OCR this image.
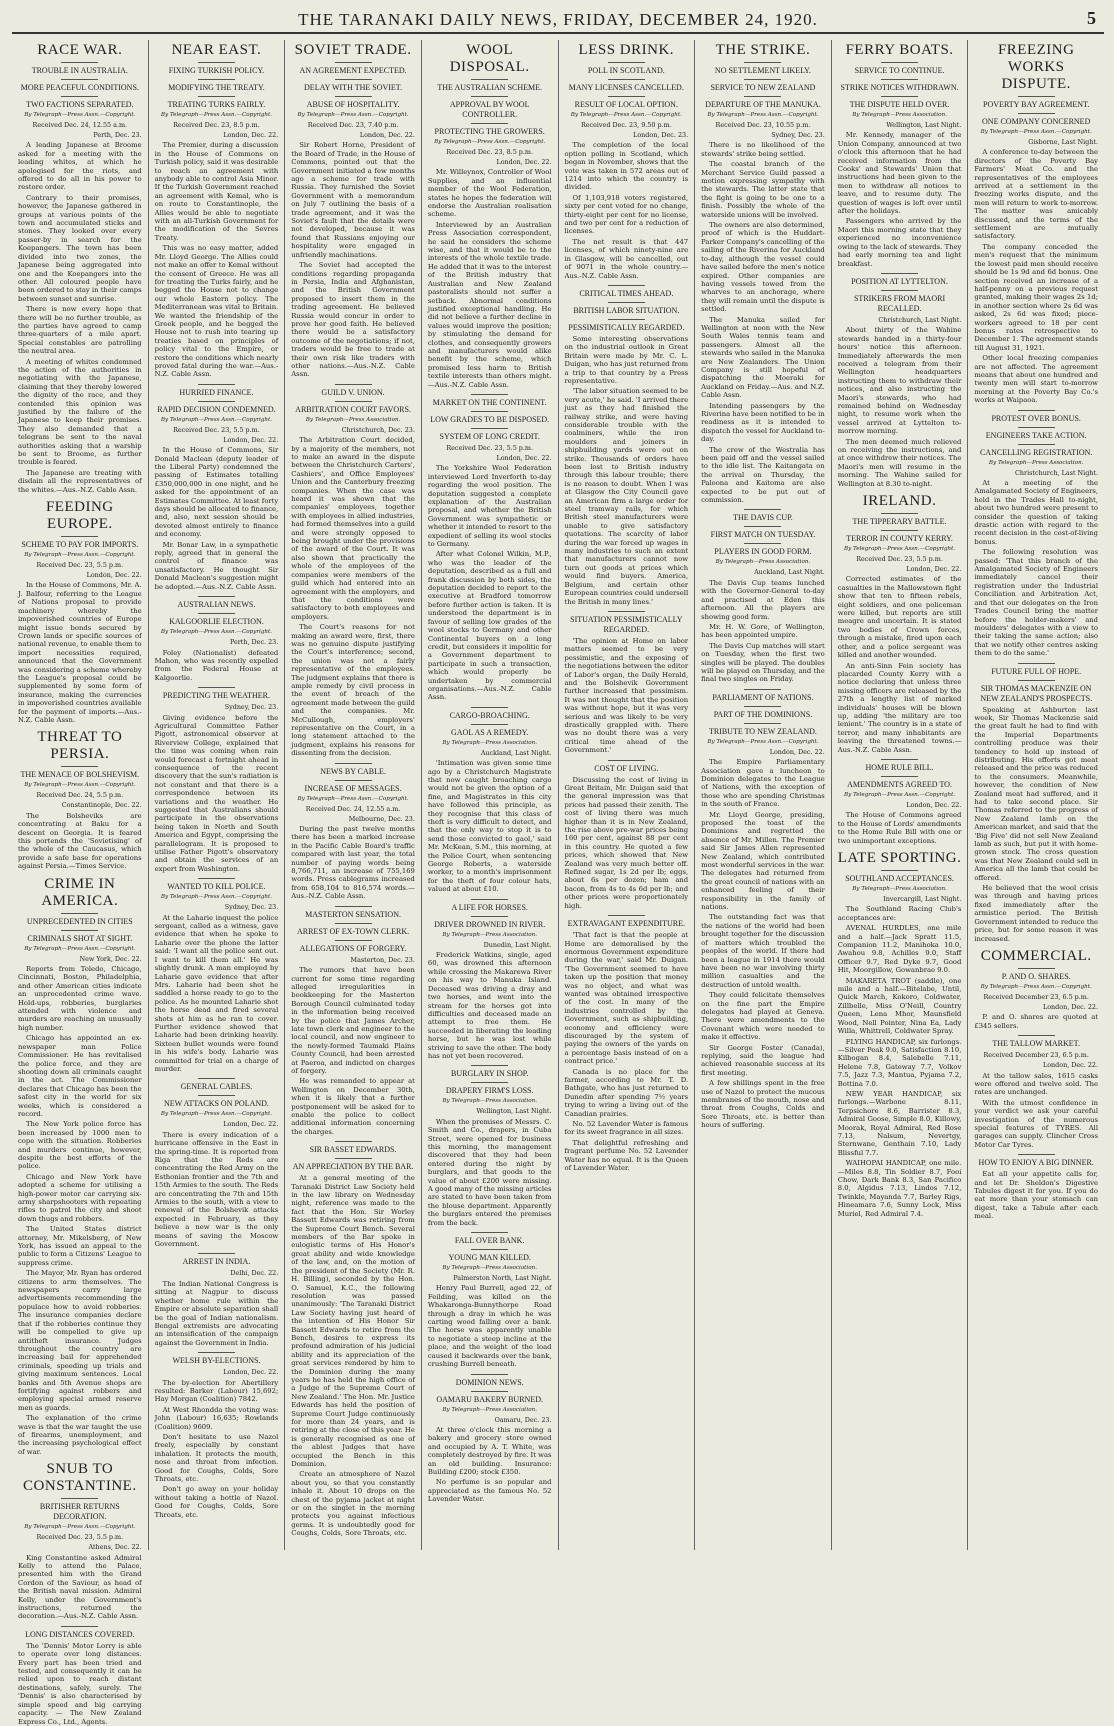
THE TARANAKI DAILY NEWS, FRIDAY, DECEMBER 24, 1920.	5
RACE WAR.
TROUBLE IN AUSTRALIA.
MORE PEACEFUL CONDITIONS.
TWO FACTIONS SEPARATED.
By Telegraph—Press Assn.—Copyright.
Received Dec. 24, 12.55 a.m.
Perth, Dec. 23.

A leading Japanese at Broome asked for a meeting with the leading whites, at which he apologised for the riots, and offered to do all in his power to restore order.

Contrary to their promises, however, the Japanese gathered in groups at various points of the town and accumulated sticks and stones. They looked over every passer-by in search for the Koepangers. The town has been divided into two zones, the Japanese being aggregated into one and the Koepangers into the other. All coloured people have been ordered to stay in their camps between sunset and sunrise.

There is now every hope that there will be no further trouble, as the parties have agreed to camp three-quarters of a mile apart. Special constables are patrolling the neutral area.

A meeting of whites condemned the action of the authorities in negotiating with the Japanese, claiming that they thereby lowered the dignity of the race, and they contended this opinion was justified by the failure of the Japanese to keep their promises. They also demanded that a telegram be sent to the naval authorities asking that a warship be sent to Broome, as further trouble is feared.

The Japanese are treating with disdain all the representatives of the whites.—Aus.-N.Z. Cable Assn.

FEEDING EUROPE.
SCHEME TO PAY FOR IMPORTS.
By Telegraph—Press Assn.—Copyright.
Received Dec. 23, 5.5 p.m.
London, Dec. 22.

In the House of Commons, Mr. A. J. Balfour, referring to the League of Nations proposal to provide machinery whereby the impoverished countries of Europe might issue bonds secured by Crown lands or specific sources of national revenue, to enable them to import necessities required, announced that the Government was considering a scheme whereby the League's proposal could be supplemented by some form of insurance, making the currencies in impoverished countries available for the payment of imports.—Aus.-N.Z. Cable Assn.

THREAT TO PERSIA.
THE MENACE OF BOLSHEVISM.
By Telegraph—Press Assn.—Copyright.
Received Dec. 24, 5.5 p.m.
Constantinople, Dec. 22.

The Bolsheviks are concentrating at Baku for a descent on Georgia. It is feared this portends the 'Sovietising' of the whole of the Caucasus, which provide a safe base for operations against Persia.—Times Service.

CRIME IN AMERICA.
UNPRECEDENTED IN CITIES
CRIMINALS SHOT AT SIGHT.
By Telegraph—Press Assn.—Copyright.
New York, Dec. 22.

Reports from Toledo, Chicago, Cincinnati, Boston, Philadelphia, and other American cities indicate an unprecedented crime wave. Hold-ups, robberies, burglaries attended with violence and murders are reaching an unusually high number.

Chicago has appointed an ex-newspaper man Police Commissioner. He has revitalised the police force, and they are shooting down all criminals caught in the act. The Commissioner declares that Chicago has been the safest city in the world for six weeks, which is considered a record.

The New York police force has been increased by 1000 men to cope with the situation. Robberies and murders continue, however, despite the best efforts of the police.

Chicago and New York have adopted a scheme for utilising a high-power motor car carrying six-army sharpshooters with repeating rifles to patrol the city and shoot down thugs and robbers.

The United States district attorney, Mr. Mikelsberg, of New York, has issued an appeal to the public to form a Citizens' League to suppress crime.

The Mayor, Mr. Ryan has ordered citizens to arm themselves. The newspapers carry large advertisements recommending the populace how to avoid robberies. The insurance companies declare that if the robberies continue they will be compelled to give up antitheft insurance. Judges throughout the country are increasing bail for apprehended criminals, speeding up trials and giving maximum sentences. Local banks and 5th Avenue shops are fortifying against robbers and employing special armed reserve men as guards.

The explanation of the crime wave is that the war taught the use of firearms, unemployment, and the increasing psychological effect of war.

SNUB TO CONSTANTINE.
BRITISHER RETURNS DECORATION.
By Telegraph—Press Assn.—Copyright.
Received Dec. 23, 5.5 p.m.
Athens, Dec. 22.

King Constantine asked Admiral Kelly to attend the Palace, presented him with the Grand Cordon of the Saviour, as head of the British naval mission. Admiral Kelly, under the Government's instructions, returned the decoration.—Aus.-N.Z. Cable Assn.

LONG DISTANCES COVERED.

The 'Dennis' Motor Lorry is able to operate over long distances. Every part has been tried and tested, and consequently it can be relied upon to reach distant destinations, safely, surely. The 'Dennis' is also characterised by simple speed and big carrying capacity. — The New Zealand Express Co., Ltd., Agents.

NEAR EAST.
FIXING TURKISH POLICY.
MODIFYING THE TREATY.
TREATING TURKS FAIRLY.
By Telegraph—Press Assn.—Copyright.
Received Dec. 23, 8.5 p.m.
London, Dec. 22.

The Premier, during a discussion in the House of Commons on Turkish policy, said it was desirable to reach an agreement with anybody able to control Asia Minor. If the Turkish Government reached an agreement with Kemal, who is on route to Constantinople, the Allies would be able to negotiate with an all-Turkish Government for the modification of the Sevres Treaty.

This was no easy matter, added Mr. Lloyd George. The Allies could not make an offer to Kemal without the consent of Greece. He was all for treating the Turks fairly, and he begged the House not to change our whole Eastern policy. The Mediterranean was vital to Britain. We wanted the friendship of the Greek people, and he begged the House not to rush into tearing up treaties based on principles of policy vital to the Empire, or restore the conditions which nearly proved fatal during the war.—Aus.-N.Z. Cable Assn.

HURRIED FINANCE.
RAPID DECISION CONDEMNED.
By Telegraph—Press Assn.—Copyright.
Received Dec. 23, 5.5 p.m.
London, Dec. 22.

In the House of Commons, Sir Donald Maclean (deputy leader of the Liberal Party) condemned the passing of Estimates totalling £350,000,000 in one night, and he asked for the appointment of an Estimates Committee. At least forty days should be allocated to finance, and, also, next session should be devoted almost entirely to finance and economy.

Mr. Bonar Law, in a sympathetic reply, agreed that in general the control of finance was unsatisfactory. He thought Sir Donald Maclean's suggestion might be adopted.—Aus.-N.Z. Cable Assn.

AUSTRALIAN NEWS.
KALGOORLIE ELECTION.
By Telegraph—Press Assn.—Copyright.
Perth, Dec. 23.

Foley (Nationalist) defeated Mahon, who was recently expelled from the Federal House at Kalgoorlie.

PREDICTING THE WEATHER.
Sydney, Dec. 23.

Giving evidence before the Agricultural Committee Father Pigott, astronomical observer at Riverview College, explained that the time was coming when rain would forecast a fortnight ahead in consequence of the recent discovery that the sun's radiation is not constant and that there is a correspondence between its variations and the weather. He suggested that Australians should participate in the observations being taken in North and South America and Egypt, comprising the parallelogram. It is proposed to utilise Father Pigott's observatory and obtain the services of an expert from Washington.

WANTED TO KILL POLICE.
By Telegraph—Press Assn.—Copyright.
Sydney, Dec. 23.

At the Laharie inquest the police sergeant, called as a witness, gave evidence that when he spoke to Laharie over the phone the latter said: 'I want all the police sent out. I want to kill them all.' He was slightly drunk. A man employed by Laharie gave evidence that after Mrs. Laharie had been shot he saddled a horse ready to go to the police. As he mounted Laharie shot the horse dead and fired several shots at him as he ran to cover. Further evidence showed that Laharie had been drinking heavily. Sixteen bullet wounds were found in his wife's body. Laharie was committed for trial on a charge of murder.

GENERAL CABLES.
NEW ATTACKS ON POLAND.
By Telegraph—Press Assn.—Copyright.
London, Dec. 22.

There is every indication of a hurricane offensive in the East in the spring-time. It is reported from Riga that the Reds are concentrating the Red Army on the Esthonian frontier and the 7th and 15th Armies to the south. The Reds are concentrating the 7th and 15th Armies to the south, with a view to renewal of the Bolshevik attacks expected in February, as they believe a new war is the only means of saving the Moscow Government.

ARREST IN INDIA.
Delhi, Dec. 22.

The Indian National Congress is sitting at Nagpur to discuss whether home rule within the Empire or absolute separation shall be the goal of Indian nationalism. Bengal extremists are advocating an intensification of the campaign against the Government in India.

WELSH BY-ELECTIONS.
London, Dec. 22.

The by-election for Abertillery resulted: Barker (Labour) 15,692; Hay Morgan (Coalition) 7842.

At West Rhondda the voting was: John (Labour) 16,635; Rowlands (Coalition) 9609.

Don't hesitate to use Nazol freely, especially by constant inhalation. It protects the mouth, nose and throat from infection. Good for Coughs, Colds, Sore Throats, etc.

Don't go away on your holiday without taking a bottle of Nazol. Good for Coughs, Colds, Sore Throats, etc.

SOVIET TRADE.
AN AGREEMENT EXPECTED.
DELAY WITH THE SOVIET.
ABUSE OF HOSPITALITY.
By Telegraph—Press Assn.—Copyright.
Received Dec. 23, 7.40 p.m.
London, Dec. 22.

Sir Robert Horne, President of the Board of Trade, in the House of Commons, pointed out that the Government initiated a few months ago a scheme for trade with Russia. They furnished the Soviet Government with a memorandum on July 7 outlining the basis of a trade agreement, and it was the Soviet's fault that the details were not developed, because it was found that Russians enjoying our hospitality were engaged in unfriendly machinations.

The Soviet had accepted the conditions regarding propaganda in Persia, India and Afghanistan, and the British Government proposed to insert them in the trading agreement. He believed Russia would concur in order to prove her good faith. He believed there would be a satisfactory outcome of the negotiations; if not, traders would be free to trade at their own risk like traders with other nations.—Aus.-N.Z. Cable Assn.

GUILD V. UNION.
ARBITRATION COURT FAVORS.
By Telegraph—Press Association.
Christchurch, Dec. 23.

The Arbitration Court decided, by a majority of the members, not to make an award in the dispute between the Christchurch Carters', Cashiers', and Office Employees' Union and the Canterbury freezing companies. When the case was heard it was shown that the companies' employees, together with employees in allied industries, had formed themselves into a guild and were strongly opposed to being brought under the provisions of the award of the Court. It was also shown that practically the whole of the employees of the companies were members of the guild which had entered into an agreement with the employers, and that the conditions were satisfactory to both employees and employers.

The Court's reasons for not making an award were, first, there was no genuine dispute justifying the Court's interference; second, the union was not a fairly representative of the employees. The judgment explains that there is ample remedy by civil process in the event of breach of the agreement made between the guild and the companies. Mr. McCullough, employers' representative on the Court, in a long statement attached to the judgment, explains his reasons for dissenting from the decision.

NEWS BY CABLE.
INCREASE OF MESSAGES.
By Telegraph—Press Assn.—Copyright.
Received Dec. 24, 12.55 a.m.
Melbourne, Dec. 23.

During the past twelve months there has been a marked increase in the Pacific Cable Board's traffic compared with last year, the total number of paying words being 8,766,711, an increase of 755,169 words. Press cablegrams increased from 658,104 to 816,574 words.—Aus.-N.Z. Cable Assn.

MASTERTON SENSATION.
ARREST OF EX-TOWN CLERK.
ALLEGATIONS OF FORGERY.
Masterton, Dec. 23.

The rumors that have been current for some time regarding alleged irregularities in bookkeeping for the Masterton Borough Council culminated today in the information being received by the police that James Archer, late town clerk and engineer to the local council, and now engineer to the newly-formed Taumaki Plains County Council, had been arrested at Paeroa, and indicted on charges of forgery.

He was remanded to appear at Wellington on December 30th, when it is likely that a further postponement will be asked for to enable the police to collect additional information concerning the charges.

SIR BASSET EDWARDS.
AN APPRECIATION BY THE BAR.

At a general meeting of the Taranaki District Law Society held in the law library on Wednesday night, reference was made to the fact that the Hon. Sir Worley Bassett Edwards was retiring from the Supreme Court Bench. Several members of the Bar spoke in eulogistic terms of His Honor's great ability and wide knowledge of the law, and, on the motion of the president of the Society (Mr. R. H. Billing), seconded by the Hon. O. Samuel, K.C., the following resolution was passed unanimously: 'The Taranaki District Law Society having just heard of the intention of His Honor Sir Bassett Edwards to retire from the Bench, desires to express its profound admiration of his judicial ability and its appreciation of the great services rendered by him to the Dominion during the many years he has held the high office of a Judge of the Supreme Court of New Zealand.' The Hon. Mr. Justice Edwards has held the position of Supreme Court Judge continuously for more than 24 years, and is retiring at the close of this year. He is generally recognised as one of the ablest Judges that have occupied the Bench in this Dominion.

Create an atmosphere of Nazol about you, so that you constantly inhale it. About 10 drops on the chest of the pyjama jacket at night or on the singlet in the morning protects you against infectious germs. It is undoubtedly good for Coughs, Colds, Sore Throats, etc.

WOOL DISPOSAL.
THE AUSTRALIAN SCHEME.
APPROVAL BY WOOL CONTROLLER.
PROTECTING THE GROWERS.
By Telegraph—Press Assn.—Copyright.
Received Dec. 23, 8.5 p.m.
London, Dec. 22.

Mr. Willeynox, Controller of Wool Supplies, and an influential member of the Wool Federation, states he hopes the federation will endorse the Australian realisation scheme.

Interviewed by an Australian Press Association correspondent, he said he considers the scheme wise, and that it would be to the interests of the whole textile trade. He added that it was to the interest of the British industry that Australian and New Zealand pastoralists should not suffer a setback. Abnormal conditions justified exceptional handling. He did not believe a further decline in values would improve the position; by stimulating the demand for clothes, and consequently growers and manufacturers would alike benefit by the scheme, which promised less harm to British textile interests than others might.—Aus.-N.Z. Cable Assn.

MARKET ON THE CONTINENT.
LOW GRADES TO BE DISPOSED.
SYSTEM OF LONG CREDIT.
Received Dec. 23, 5.5 p.m.
London, Dec. 22.

The Yorkshire Wool Federation interviewed Lord Inverforth to-day regarding the wool position. The deputation suggested a complete explanation of the Australian proposal, and whether the British Government was sympathetic or whether it intended to resort to the expedient of selling its wool stocks to Germany.

After what Colonel Wilkin, M.P., who was the leader of the deputation, described as a full and frank discussion by both sides, the deputation decided to report to the executive at Bradford tomorrow before further action is taken. It is understood the department is in favour of selling low grades of the wool stocks to Germany and other Continental buyers on a long credit, but considers it impolitic for a Government department to participate in such a transaction, which would properly be undertaken by commercial organisations.—Aus.-N.Z. Cable Assn.

CARGO-BROACHING.
GAOL AS A REMEDY.
By Telegraph—Press Association.
Auckland, Last Night.

'Intimation was given some time ago by a Christchurch Magistrate that now caught broaching cargo would not be given the option of a fine, and Magistrates in this city have followed this principle, as they recognise that this class of theft is very difficult to detect, and that the only way to stop it is to send those convicted to gaol,' said Mr. McKean, S.M., this morning, at the Police Court, when sentencing George Roberts, a waterside worker, to a month's imprisonment for the theft of four colour hats, valued at about £10.

A LIFE FOR HORSES.
DRIVER DROWNED IN RIVER.
By Telegraph—Press Association.
Dunedin, Last Night.

Frederick Watkins, single, aged 60, was drowned this afternoon while crossing the Makarewa River on his way to Manuka Island. Deceased was driving a dray and two horses, and went into the stream for the horses got into difficulties and deceased made an attempt to free them. He succeeded in liberating the leading horse, but he was lost while striving to save the other. The body has not yet been recovered.

BURGLARY IN SHOP.
DRAPERY FIRM'S LOSS.
By Telegraph—Press Association.
Wellington, Last Night.

When the premises of Messrs. C. Smith and Co., drapers, in Cuba Street, were opened for business this morning, the management discovered that they had been entered during the night by burglars, and that goods to the value of about £200 were missing. A good many of the missing articles are stated to have been taken from the blouse department. Apparently the burglars entered the premises from the back.

FALL OVER BANK.
YOUNG MAN KILLED.
By Telegraph—Press Association.
Palmerston North, Last Night.

Henry Paul Burrell, aged 22, of Feilding, was killed on the Whakaronga-Bunnythorpe Road through a dray in which he was carting wood falling over a bank. The horse was apparently unable to negotiate a steep incline at the place, and the weight of the load caused it backwards over the bank, crushing Burrell beneath.

DOMINION NEWS.
OAMARU BAKERY BURNED.
By Telegraph—Press Association.
Oamaru, Dec. 23.

At three o'clock this morning a bakery and grocery store owned and occupied by A. T. White, was completely destroyed by fire. It was an old building. Insurance: Building £200; stock £350.

No perfume is so popular and appreciated as the famous No. 52 Lavender Water.

LESS DRINK.
POLL IN SCOTLAND.
MANY LICENSES CANCELLED.
RESULT OF LOCAL OPTION.
By Telegraph—Press Assn.—Copyright.
Received Dec. 23, 9.50 p.m.
London, Dec. 23.

The completion of the local option polling in Scotland, which began in November, shows that the vote was taken in 572 areas out of 1214 into which the country is divided.

Of 1,103,918 voters registered, sixty per cent voted for no change, thirty-eight per cent for no license, and two per cent for a reduction of licenses.

The net result is that 447 licenses, of which ninety-nine are in Glasgow, will be cancelled, out of 9071 in the whole country.—Aus.-N.Z. Cable Assn.

CRITICAL TIMES AHEAD.
BRITISH LABOR SITUATION.
PESSIMISTICALLY REGARDED.

Some interesting observations on the industrial outlook in Great Britain were made by Mr. C. L. Duigan, who has just returned from a trip to that country by a Press representative.

'The labor situation seemed to be very acute,' he said. 'I arrived there just as they had finished the railway strike, and were having considerable trouble with the coalminers, while the iron moulders and joiners in shipbuilding yards were out on strike. Thousands of orders have been lost to British industry through this labour trouble; there is no reason to doubt. When I was at Glasgow the City Council gave an American firm a large order for steel tramway rails, for which British steel manufacturers were unable to give satisfactory quotations. The scarcity of labor during the war forced up wages in many industries to such an extent that manufacturers cannot now turn out goods at prices which would find buyers. America, Belgium, and certain other European countries could undersell the British in many lines.'

SITUATION PESSIMISTICALLY REGARDED.

'The opinion at Home on labor matters seemed to be very pessimistic, and the exposing of the negotiations between the editor of Labor's organ, the Daily Herald, and the Bolshevik Government further increased that pessimism. It was not thought that the position was without hope, but it was very serious and was likely to be very drastically grappled with. There was no doubt there was a very critical time ahead of the Government.'

COST OF LIVING.

Discussing the cost of living in Great Britain, Mr. Duigan said that the general impression was that prices had passed their zenith. The cost of living there was much higher than it is in New Zealand, the rise above pre-war prices being 160 per cent, against 88 per cent in this country. He quoted a few prices, which showed that New Zealand was very much better off. Refined sugar, 1s 2d per lb; eggs, about 6s per dozen; ham and bacon, from 4s to 4s 6d per lb; and other prices were proportionately high.

EXTRAVAGANT EXPENDITURE.

'That fact is that the people at Home are demoralised by the enormous Government expenditure during the war,' said Mr. Duigan. 'The Government seemed to have taken up the position that money was no object, and what was wanted was obtained irrespective of the cost. In many of the industries controlled by the Government, such as shipbuilding, economy and efficiency were discouraged by the system of paying the owners of the yards on a percentage basis instead of on a contract price.'

Canada is no place for the farmer, according to Mr. T. D. Bathgate, who has just returned to Dunedin after spending 7½ years trying to wring a living out of the Canadian prairies.

No. 52 Lavender Water is famous for its sweet fragrance in all sizes.

That delightful refreshing and fragrant perfume No. 52 Lavender Water has no equal. It is the Queen of Lavender Water.

THE STRIKE.
NO SETTLEMENT LIKELY.
SERVICE TO NEW ZEALAND
DEPARTURE OF THE MANUKA.
By Telegraph—Press Assn.—Copyright.
Received Dec. 23, 10.55 p.m.
Sydney, Dec. 23.

There is no likelihood of the stewards' strike being settled.

The coastal branch of the Merchant Service Guild passed a motion expressing sympathy with the stewards. The latter state that the fight is going to be one to a finish. Possibly the whole of the waterside unions will be involved.

The owners are also determined, proof of which is the Huddart-Parker Company's cancelling of the sailing of the Riverina for Auckland to-day, although the vessel could have sailed before the men's notice expired. Other companies are having vessels towed from the wharves to an anchorage, where they will remain until the dispute is settled.

The Manuka sailed for Wellington at noon with the New South Wales tennis team and passengers. Almost all the stewards who sailed in the Manuka are New Zealanders. The Union Company is still hopeful of dispatching the Moeraki for Auckland on Friday.—Aus. and N.Z. Cable Assn.

Intending passengers by the Riverina have been notified to be in readiness as it is intended to dispatch the vessel for Auckland to-day.

The crew of the Westralia has been paid off and the vessel sailed to the idle list. The Kaitangata on the arrival on Thursday, the Paloona and Kaitoma are also expected to be put out of commission.

THE DAVIS CUP.
FIRST MATCH ON TUESDAY.
PLAYERS IN GOOD FORM.
By Telegraph—Press Association.
Auckland, Last Night.

The Davis Cup teams lunched with the Governor-General to-day and practised at Eden this afternoon. All the players are showing good form.

Mr. H. W. Gore, of Wellington, has been appointed umpire.

The Davis Cup matches will start on Tuesday, when the first two singles will be played. The doubles will be played on Thursday, and the final two singles on Friday.

PARLIAMENT OF NATIONS.
PART OF THE DOMINIONS.
TRIBUTE TO NEW ZEALAND.
By Telegraph—Press Assn.—Copyright.
London, Dec. 22.

The Empire Parliamentary Association gave a luncheon to Dominion delegates to the League of Nations, with the exception of those who are spending Christmas in the south of France.

Mr. Lloyd George, presiding, proposed the toast of the Dominions and regretted the absence of Mr. Millen. The Premier said Sir James Allen represented New Zealand, which contributed most wonderful services in the war. The delegates had returned from the great council of nations with an enhanced feeling of their responsibility in the family of nations.

The outstanding fact was that the nations of the world had been brought together for the discussion of matters which troubled the peoples of the world. If there had been a league in 1914 there would have been no war involving thirty million casualties and the destruction of untold wealth.

They could felicitate themselves on the fine part the Empire delegates had played at Geneva. There were amendments to the Covenant which were needed to make it effective.

Sir George Foster (Canada), replying, said the league had achieved reasonable success at its first meeting.

A few shillings spent in the free use of Nazol to protect the mucous membranes of the mouth, nose and throat from Coughs, Colds and Sore Throats, etc. is better than hours of suffering.

FERRY BOATS.
SERVICE TO CONTINUE.
STRIKE NOTICES WITHDRAWN.
THE DISPUTE HELD OVER.
By Telegraph—Press Association.
Wellington, Last Night.

Mr. Kennedy, manager of the Union Company, announced at two o'clock this afternoon that he had received information from the Cooks' and Stewards' Union that instructions had been given to the men to withdraw all notices to leave, and to resume duty. The question of wages is left over until after the holidays.

Passengers who arrived by the Maori this morning state that they experienced no inconvenience owing to the lack of stewards. They had early morning tea and light breakfast.

POSITION AT LYTTELTON.
STRIKERS FROM MAORI RECALLED.
Christchurch, Last Night.

About thirty of the Wahine stewards handed in a thirty-four hours' notice this afternoon. Immediately afterwards the men received a telegram from their Wellington headquarters instructing them to withdraw their notices, and also instructing the Maori's stewards, who had remained behind on Wednesday night, to resume work when the vessel arrived at Lyttelton to-morrow morning.

The men deemed much relieved on receiving the instructions, and at once withdrew their notices. The Maori's men will resume in the morning. The Wahine sailed for Wellington at 8.30 to-night.

IRELAND.
THE TIPPERARY BATTLE.
TERROR IN COUNTY KERRY.
By Telegraph—Press Assn.—Copyright.
Received Dec. 23, 5.5 p.m.
London, Dec. 22.

Corrected estimates of the casualties in the Mallowstown fight show that ten to fifteen rebels, eight soldiers, and one policeman were killed, but reports are still meagre and uncertain. It is stated two bodies of Crown forces, through a mistake, fired upon each other, and a police sergeant was killed and another wounded.

An anti-Sinn Fein society has placarded County Kerry with a notice declaring that unless three missing officers are released by the 27th a lengthy list of marked individuals' houses will be blown up, adding 'the military are too lenient.' The country is in a state of terror, and many inhabitants are leaving the threatened towns.—Aus.-N.Z. Cable Assn.

HOME RULE BILL.
AMENDMENTS AGREED TO.
By Telegraph—Press Assn.—Copyright.
London, Dec. 22.

The House of Commons agreed to the House of Lords' amendments to the Home Rule Bill with one or two unimportant exceptions.

LATE SPORTING.
SOUTHLAND ACCEPTANCES.
By Telegraph—Press Association.
Invercargill, Last Night.

The Southland Racing Club's acceptances are:

AVENAL HURDLES, one mile and a half.—Jack Spratt 11.5, Companion 11.2, Manihoka 10.0, Awahou 9.8, Achilles 9.0, Staff Officer 9.7, Red Dyke 9.7, Good Hit, Moorgillow, Gowanbrae 9.0.

MAKARETA TROT (saddle), one mile and a half.—Bitelabe, Until, Quick March, Kokoro, Coldwater, Zillbelle, Miss O'Neill, Country Queen, Lena Mhor, Maunsfield Wood, Nell Pointer, Nina Ea, Lady Willa, Whittrell, Coldwater Spray.

FLYING HANDICAP, six furlongs.—Silver Peak 9.0, Satisfaction 8.10, Kilbogan 8.4, Salebelle 7.11, Helene 7.8, Gateway 7.7, Volkov 7.5, Jazz 7.3, Mantua, Pyjama 7.2, Bottina 7.0.

NEW YEAR HANDICAP, six furlongs.—Warbone 8.11, Terpsichore 8.6, Barrister 8.3, Admiral Goose, Simple 8.0, Killowy, Moorak, Royal Admiral, Red Rose 7.13, Nalsum, Nevertgy, Sternwane, Genthain 7.10, Lady Blissful 7.7.

WAIHOPAI HANDICAP, one mile.—Miles 8.8, Tin Soldier 8.7, Fooi Chow, Dark Bank 8.3, San Pacifico 8.0, Algidus 7.13, Lindos 7.12, Twinkle, Mayanda 7.7, Barley Rigs, Hineamara 7.6, Sunny Lock, Miss Muriel, Red Admiral 7.4.

FREEZING WORKS DISPUTE.
POVERTY BAY AGREEMENT.
ONE COMPANY CONCERNED
By Telegraph—Press Assn.—Copyright.
Gisborne, Last Night.

A conference to-day between the directors of the Poverty Bay Farmers' Meat Co. and the representatives of the employees arrived at a settlement in the freezing works dispute, and the men will return to work to-morrow. The matter was amicably discussed, and the terms of the settlement are mutually satisfactory.

The company conceded the men's request that the minimum the lowest paid men should receive should be 1s 9d and 6d bonus. One section received an increase of a half-penny on a previous request granted, making their wages 2s 1d; in another section where 2s 6d was asked, 2s 6d was fixed; piece-workers agreed to 18 per cent bonus rates retrospective to December 1. The agreement stands till August 31, 1921.

Other local freezing companies are not affected. The agreement means that about one hundred and twenty men will start to-morrow morning at the Poverty Bay Co.'s works at Waipaoa.

PROTEST OVER BONUS.
ENGINEERS TAKE ACTION.
CANCELLING REGISTRATION.
By Telegraph—Press Association.
Christchurch, Last Night.

At a meeting of the Amalgamated Society of Engineers, held in the Trades Hall to-night, about two hundred were present to consider the question of taking drastic action with regard to the recent decision in the cost-of-living bonus.

The following resolution was passed: 'That this branch of the Amalgamated Society of Engineers immediately cancel their registration under the Industrial Conciliation and Arbitration Act, and that our delegates on the Iron Trades Council bring the matter before the holder-makers' and moulders' delegates with a view to their taking the same action; also that we notify other centres asking them to do the same.'

FUTURE FULL OF HOPE.
SIR THOMAS MACKENZIE ON NEW ZEALAND'S PROSPECTS.

Speaking at Ashburton last week, Sir Thomas Mackenzie said the great fault he had to find with the Imperial Departments controlling produce was their tendency to hold up instead of distributing. His efforts got meat released and the price was reduced to the consumers. Meanwhile, however, the condition of New Zealand meat had suffered, and it had to take second place. Sir Thomas referred to the progress of New Zealand lamb on the American market, and said that the 'Big Five' did not sell New Zealand lamb as such, but put it with home-grown stock. The cross question was that New Zealand could sell in America all the lamb that could be offered.

He believed that the wool crisis was through and having prices fixed immediately after the armistice period. The British Government intended to reduce the price, but for some reason it was increased.

COMMERCIAL.
P. AND O. SHARES.
By Telegraph—Press Assn.—Copyright.
Received December 23, 6.5 p.m.
London, Dec. 22.

P. and O. shares are quoted at £345 sellers.

THE TALLOW MARKET.
Received December 23, 6.5 p.m.
London, Dec. 22.

At the tallow sales, 1615 casks were offered and twelve sold. The rates are unchanged.

With the utmost confidence in your verdict we ask your careful investigation of the numerous special features of TYRES. All garages can supply. Clincher Cross Motor Car Tyres.

HOW TO ENJOY A BIG DINNER.

Eat all your appetite calls for, and let Dr. Sheldon's Digestive Tabules digest it for you. If you do eat more than your stomach can digest, take a Tabule after each meal.
